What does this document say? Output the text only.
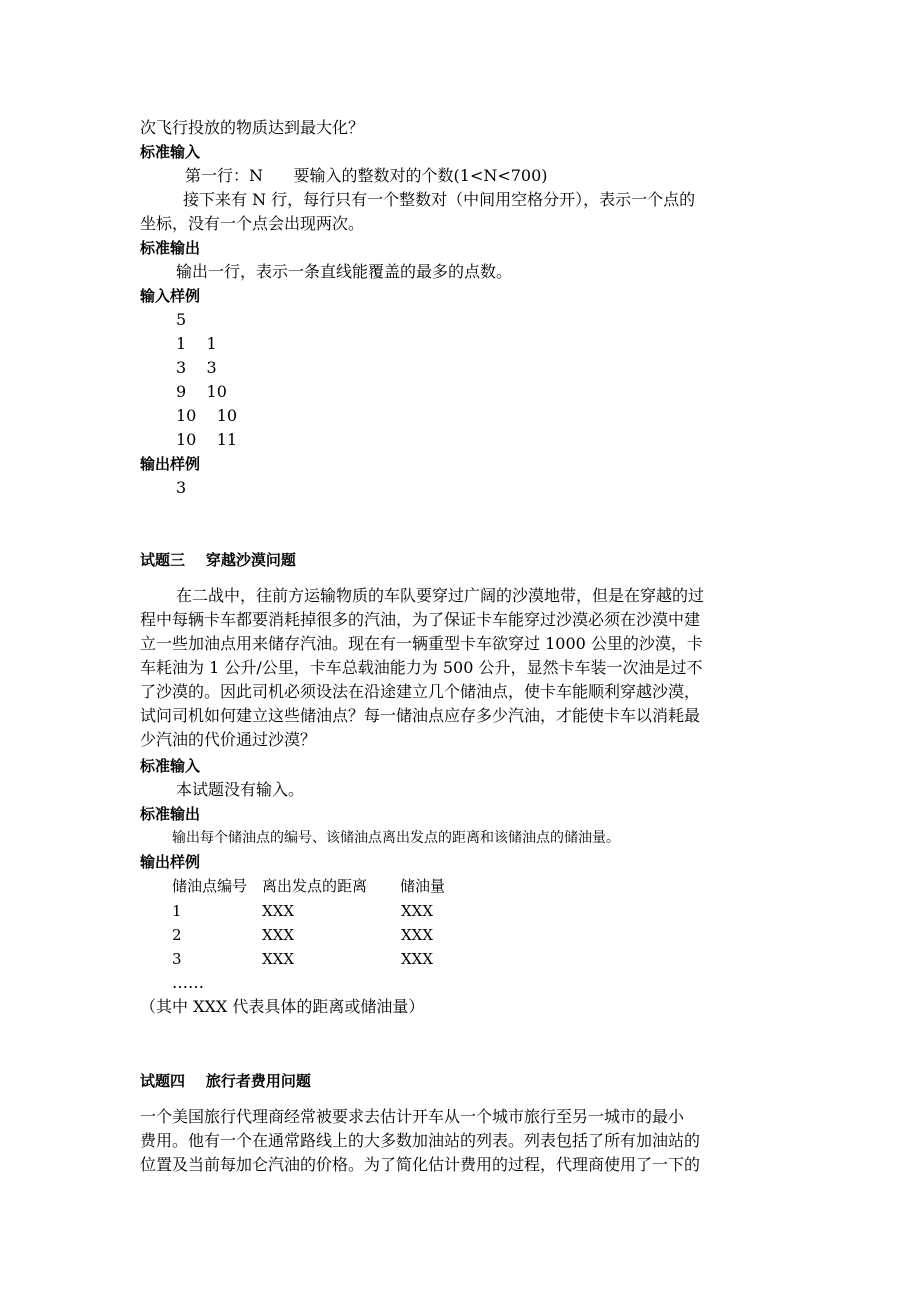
次飞行投放的物质达到最大化？
标准输入
第一行：N      要输入的整数对的个数(1<N<700)
接下来有 N 行，每行只有一个整数对（中间用空格分开），表示一个点的
坐标，没有一个点会出现两次。
标准输出
输出一行，表示一条直线能覆盖的最多的点数。
输入样例
5
1    1
3    3
9    10
10    10
10    11
输出样例
3
试题三    穿越沙漠问题
在二战中，往前方运输物质的车队要穿过广阔的沙漠地带，但是在穿越的过
程中每辆卡车都要消耗掉很多的汽油，为了保证卡车能穿过沙漠必须在沙漠中建
立一些加油点用来储存汽油。现在有一辆重型卡车欲穿过 1000 公里的沙漠，卡
车耗油为 1 公升/公里，卡车总载油能力为 500 公升，显然卡车装一次油是过不
了沙漠的。因此司机必须设法在沿途建立几个储油点，使卡车能顺利穿越沙漠，
试问司机如何建立这些储油点？每一储油点应存多少汽油，才能使卡车以消耗最
少汽油的代价通过沙漠？
标准输入
本试题没有输入。
标准输出
输出每个储油点的编号、该储油点离出发点的距离和该储油点的储油量。
输出样例
储油点编号 离出发点的距离 储油量
1	XXX	XXX
2	XXX	XXX
3	XXX	XXX
……
（其中 XXX 代表具体的距离或储油量）
试题四    旅行者费用问题
一个美国旅行代理商经常被要求去估计开车从一个城市旅行至另一城市的最小
费用。他有一个在通常路线上的大多数加油站的列表。列表包括了所有加油站的
位置及当前每加仑汽油的价格。为了简化估计费用的过程，代理商使用了一下的
